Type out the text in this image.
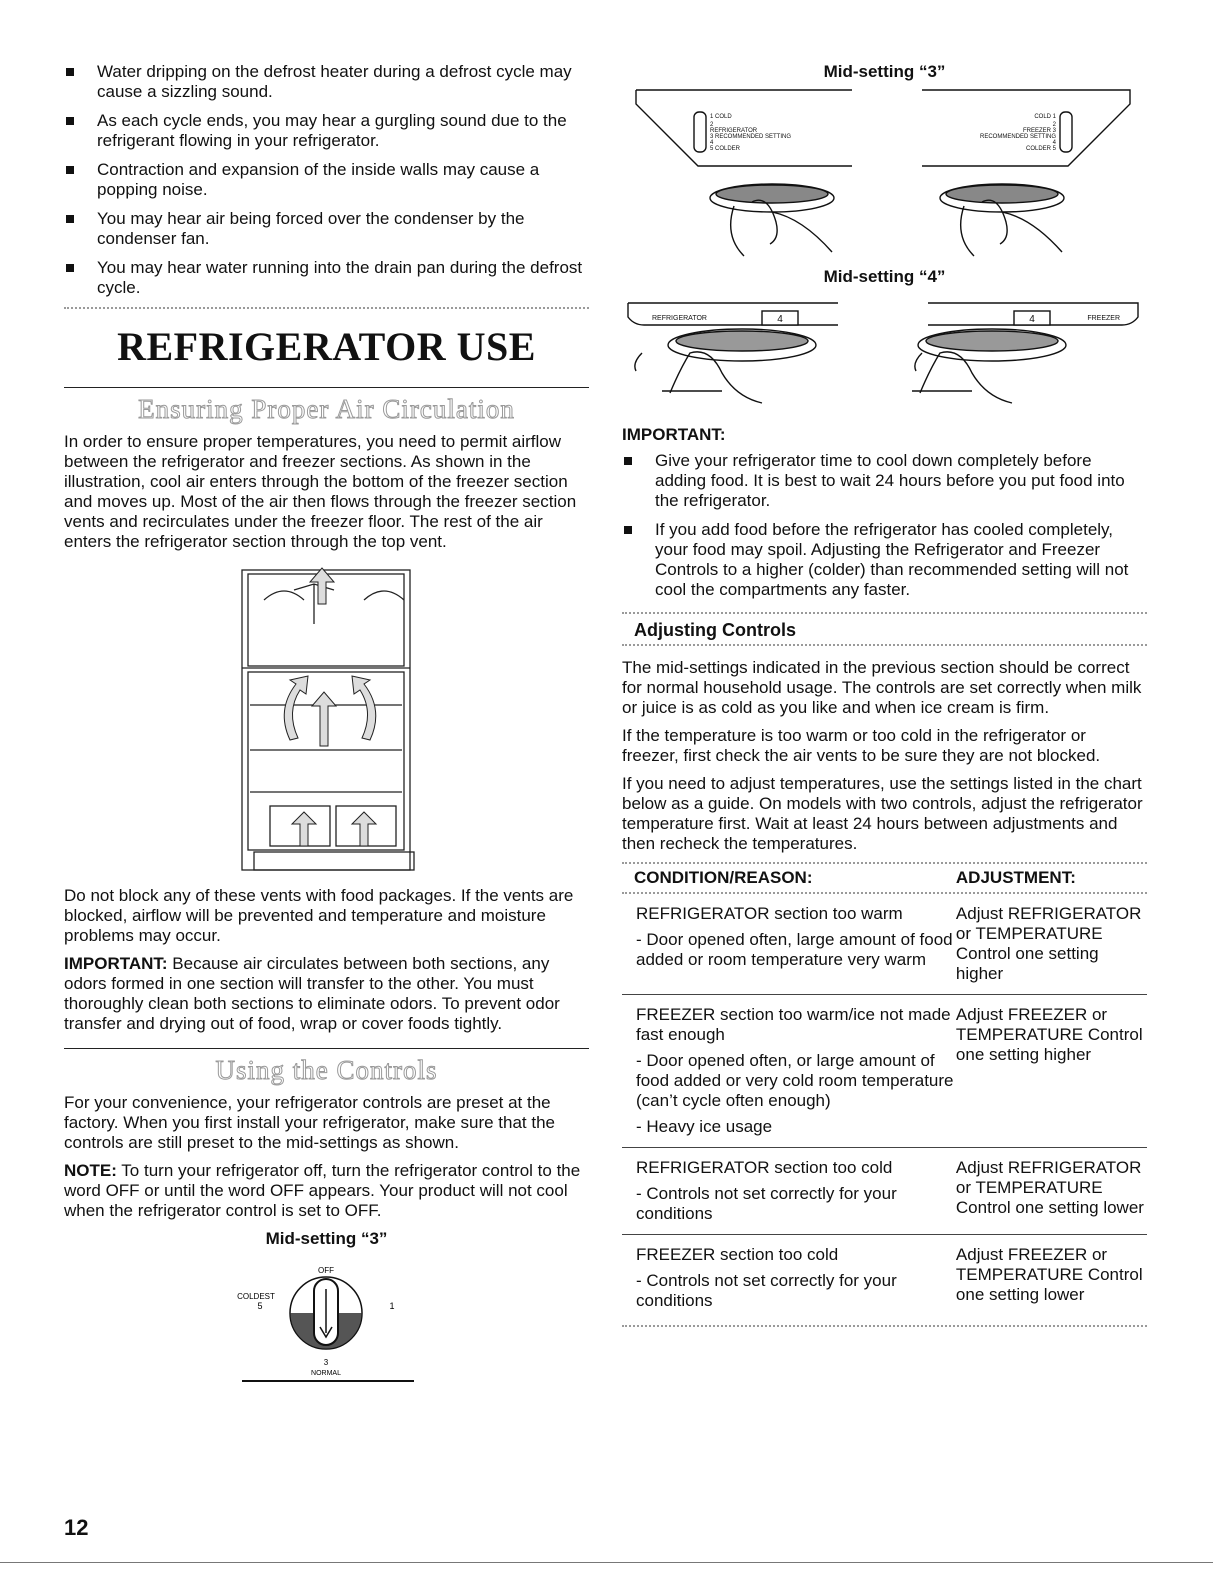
Water dripping on the defrost heater during a defrost cycle may cause a sizzling sound.
As each cycle ends, you may hear a gurgling sound due to the refrigerant flowing in your refrigerator.
Contraction and expansion of the inside walls may cause a popping noise.
You may hear air being forced over the condenser by the condenser fan.
You may hear water running into the drain pan during the defrost cycle.
REFRIGERATOR USE
Ensuring Proper Air Circulation

In order to ensure proper temperatures, you need to permit airflow between the refrigerator and freezer sections. As shown in the illustration, cool air enters through the bottom of the freezer section and moves up. Most of the air then flows through the freezer section vents and recirculates under the freezer floor. The rest of the air enters the refrigerator section through the top vent.

Do not block any of these vents with food packages. If the vents are blocked, airflow will be prevented and temperature and moisture problems may occur.

IMPORTANT: Because air circulates between both sections, any odors formed in one section will transfer to the other. You must thoroughly clean both sections to eliminate odors. To prevent odor transfer and drying out of food, wrap or cover foods tightly.

Using the Controls

For your convenience, your refrigerator controls are preset at the factory. When you first install your refrigerator, make sure that the controls are still preset to the mid-settings as shown.

NOTE: To turn your refrigerator off, turn the refrigerator control to the word OFF or until the word OFF appears. Your product will not cool when the refrigerator control is set to OFF.

Mid-setting “3”
OFF
COLDEST
5	1
3
NORMAL
Mid-setting “3”
1 COLD
2
REFRIGERATOR
3 RECOMMENDED SETTING
4
5 COLDER
COLD 1
2
FREEZER 3
RECOMMENDED SETTING
4
COLDER 5
Mid-setting “4”
REFRIGERATOR	FREEZER
4	4
IMPORTANT:
Give your refrigerator time to cool down completely before adding food. It is best to wait 24 hours before you put food into the refrigerator.
If you add food before the refrigerator has cooled completely, your food may spoil. Adjusting the Refrigerator and Freezer Controls to a higher (colder) than recommended setting will not cool the compartments any faster.
Adjusting Controls

The mid-settings indicated in the previous section should be correct for normal household usage. The controls are set correctly when milk or juice is as cold as you like and when ice cream is firm.

If the temperature is too warm or too cold in the refrigerator or freezer, first check the air vents to be sure they are not blocked.

If you need to adjust temperatures, use the settings listed in the chart below as a guide. On models with two controls, adjust the refrigerator temperature first. Wait at least 24 hours between adjustments and then recheck the temperatures.

CONDITION/REASON:	ADJUSTMENT:

REFRIGERATOR section too warm
- Door opened often, large amount of food added or room temperature very warm	Adjust REFRIGERATOR or TEMPERATURE Control one setting higher

FREEZER section too warm/ice not made fast enough
- Door opened often, or large amount of food added or very cold room temperature (can’t cycle often enough)
- Heavy ice usage	Adjust FREEZER or TEMPERATURE Control one setting higher

REFRIGERATOR section too cold
- Controls not set correctly for your conditions	Adjust REFRIGERATOR or TEMPERATURE Control one setting lower

FREEZER section too cold
- Controls not set correctly for your conditions	Adjust FREEZER or TEMPERATURE Control one setting lower
12
